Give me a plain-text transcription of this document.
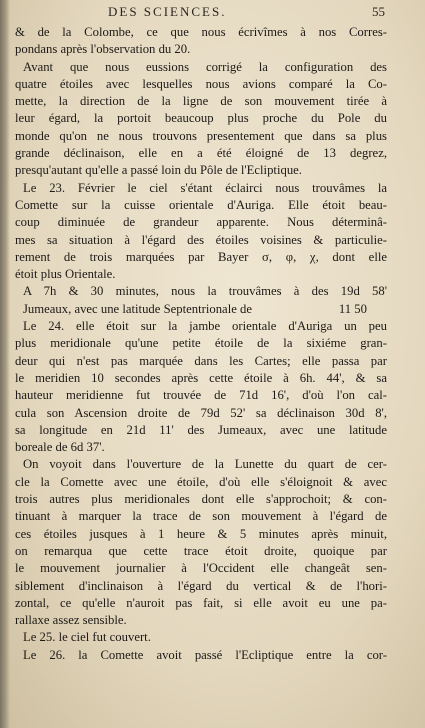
DES SCIENCES.	55
& de la Colombe, ce que nous écrivîmes à nos Corres-
pondans après l'observation du 20.
Avant que nous eussions corrigé la configuration des
quatre étoiles avec lesquelles nous avions comparé la Co-
mette, la direction de la ligne de son mouvement tirée à
leur égard, la portoit beaucoup plus proche du Pole du
monde qu'on ne nous trouvons presentement que dans sa plus
grande déclinaison, elle en a été éloigné de 13 degrez,
presqu'autant qu'elle a passé loin du Pôle de l'Ecliptique.
Le 23. Février le ciel s'étant éclairci nous trouvâmes la
Comette sur la cuisse orientale d'Auriga. Elle étoit beau-
coup diminuée de grandeur apparente. Nous déterminâ-
mes sa situation à l'égard des étoiles voisines & particulie-
rement de trois marquées par Bayer σ, φ, χ, dont elle
étoit plus Orientale.
A 7h & 30 minutes, nous la trouvâmes à des 19d 58'
Jumeaux, avec une latitude Septentrionale de	11 50
Le 24. elle étoit sur la jambe orientale d'Auriga un peu
plus meridionale qu'une petite étoile de la sixiéme gran-
deur qui n'est pas marquée dans les Cartes; elle passa par
le meridien 10 secondes après cette étoile à 6h. 44', & sa
hauteur meridienne fut trouvée de 71d 16', d'où l'on cal-
cula son Ascension droite de 79d 52' sa déclinaison 30d 8',
sa longitude en 21d 11' des Jumeaux, avec une latitude
boreale de 6d 37'.
On voyoit dans l'ouverture de la Lunette du quart de cer-
cle la Comette avec une étoile, d'où elle s'éloignoit & avec
trois autres plus meridionales dont elle s'approchoit; & con-
tinuant à marquer la trace de son mouvement à l'égard de
ces étoiles jusques à 1 heure & 5 minutes après minuit,
on remarqua que cette trace étoit droite, quoique par
le mouvement journalier à l'Occident elle changeât sen-
siblement d'inclinaison à l'égard du vertical & de l'hori-
zontal, ce qu'elle n'auroit pas fait, si elle avoit eu une pa-
rallaxe assez sensible.
Le 25. le ciel fut couvert.
Le 26. la Comette avoit passé l'Ecliptique entre la cor-
